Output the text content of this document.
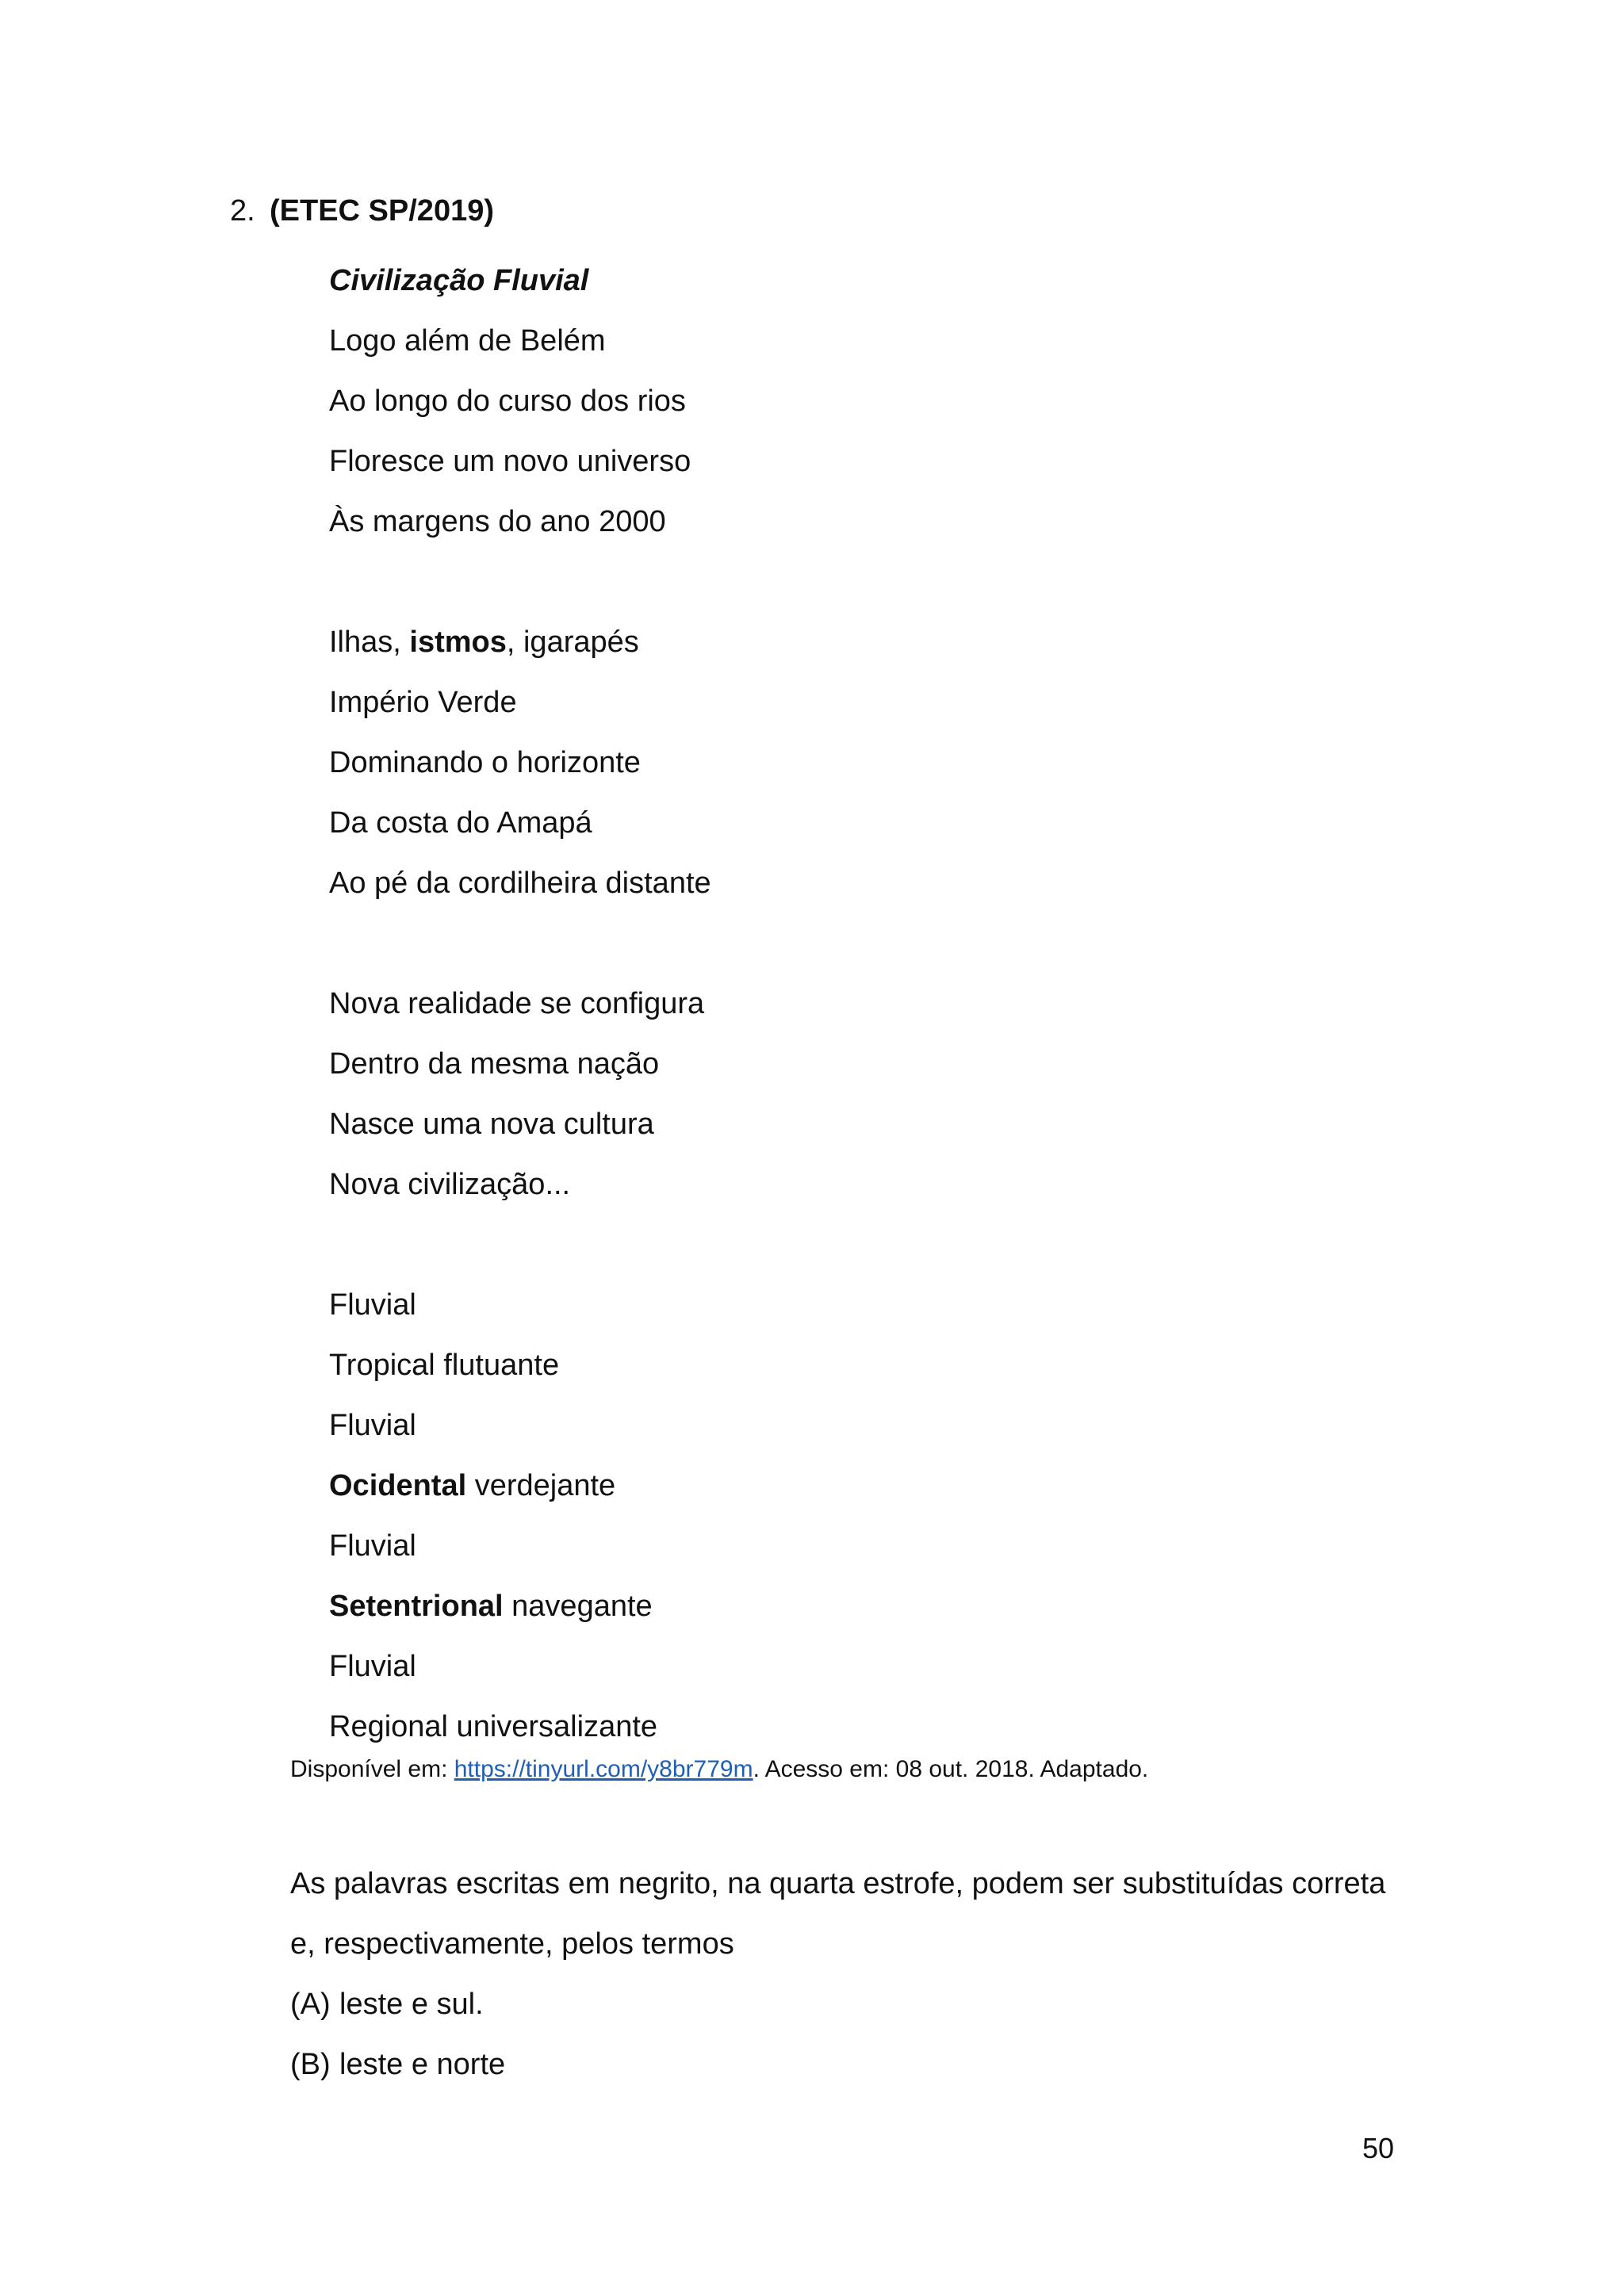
2. (ETEC SP/2019)
Civilização Fluvial
Logo além de Belém
Ao longo do curso dos rios
Floresce um novo universo
Às margens do ano 2000
Ilhas, istmos, igarapés
Império Verde
Dominando o horizonte
Da costa do Amapá
Ao pé da cordilheira distante
Nova realidade se configura
Dentro da mesma nação
Nasce uma nova cultura
Nova civilização...
Fluvial
Tropical flutuante
Fluvial
Ocidental verdejante
Fluvial
Setentrional navegante
Fluvial
Regional universalizante
Disponível em: https://tinyurl.com/y8br779m. Acesso em: 08 out. 2018. Adaptado.

As palavras escritas em negrito, na quarta estrofe, podem ser substituídas correta e, respectivamente, pelos termos

(A) leste e sul.
(B) leste e norte
50
